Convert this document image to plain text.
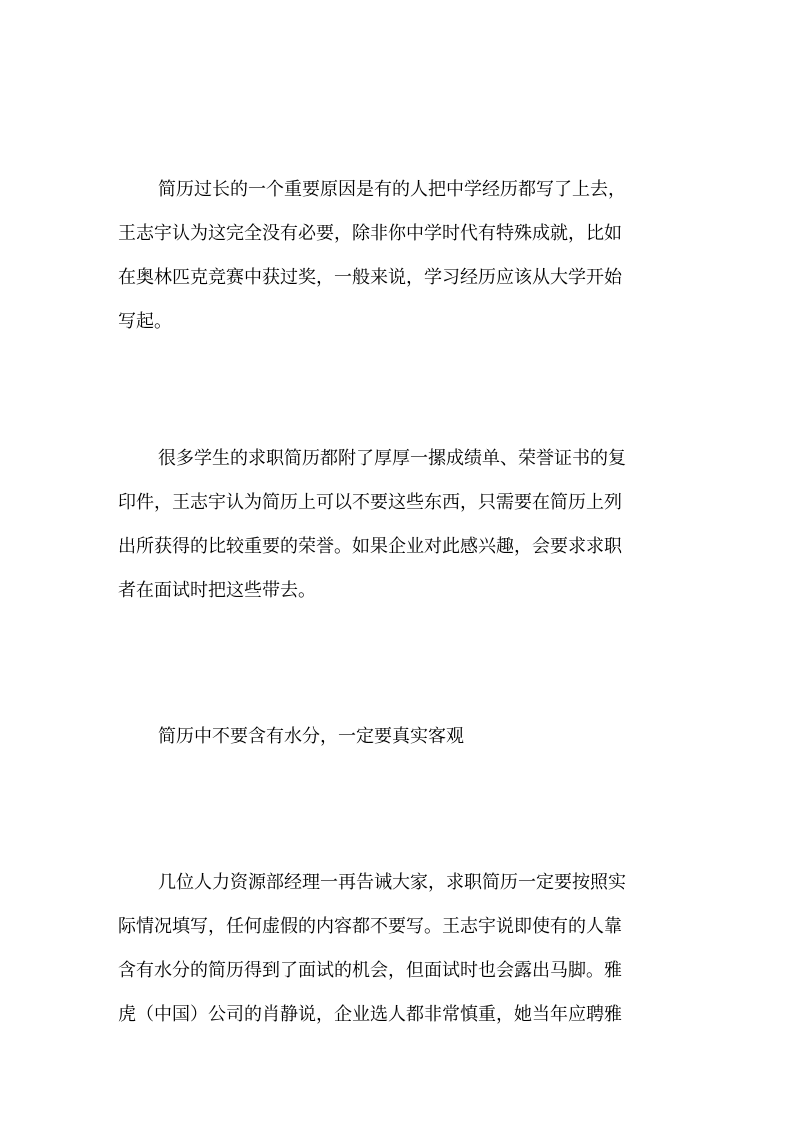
简历过长的一个重要原因是有的人把中学经历都写了上去，
王志宇认为这完全没有必要，除非你中学时代有特殊成就，比如
在奥林匹克竞赛中获过奖，一般来说，学习经历应该从大学开始
写起。
很多学生的求职简历都附了厚厚一摞成绩单、荣誉证书的复
印件，王志宇认为简历上可以不要这些东西，只需要在简历上列
出所获得的比较重要的荣誉。如果企业对此感兴趣，会要求求职
者在面试时把这些带去。
简历中不要含有水分，一定要真实客观
几位人力资源部经理一再告诫大家，求职简历一定要按照实
际情况填写，任何虚假的内容都不要写。王志宇说即使有的人靠
含有水分的简历得到了面试的机会，但面试时也会露出马脚。雅
虎（中国）公司的肖静说，企业选人都非常慎重，她当年应聘雅
